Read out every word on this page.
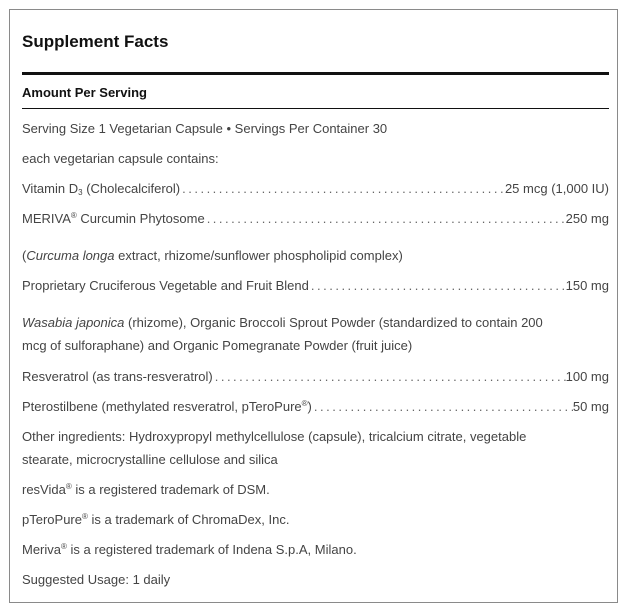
Supplement Facts
Amount Per Serving
Serving Size 1 Vegetarian Capsule • Servings Per Container 30
each vegetarian capsule contains:
Vitamin $D_3$ (Cholecalciferol) .....	25 mcg (1,000 IU)
MERIVA® Curcumin Phytosome .....	250 mg
(Curcuma longa extract, rhizome/sunflower phospholipid complex)
Proprietary Cruciferous Vegetable and Fruit Blend .....	150 mg
Wasabia japonica (rhizome), Organic Broccoli Sprout Powder (standardized to contain 200
mcg of sulforaphane) and Organic Pomegranate Powder (fruit juice)
Resveratrol (as trans-resveratrol) .....	100 mg
Pterostilbene (methylated resveratrol, pTeroPure®) .....	50 mg
Other ingredients: Hydroxypropyl methylcellulose (capsule), tricalcium citrate, vegetable
stearate, microcrystalline cellulose and silica
resVida® is a registered trademark of DSM.
pTeroPure® is a trademark of ChromaDex, Inc.
Meriva® is a registered trademark of Indena S.p.A, Milano.
Suggested Usage: 1 daily
